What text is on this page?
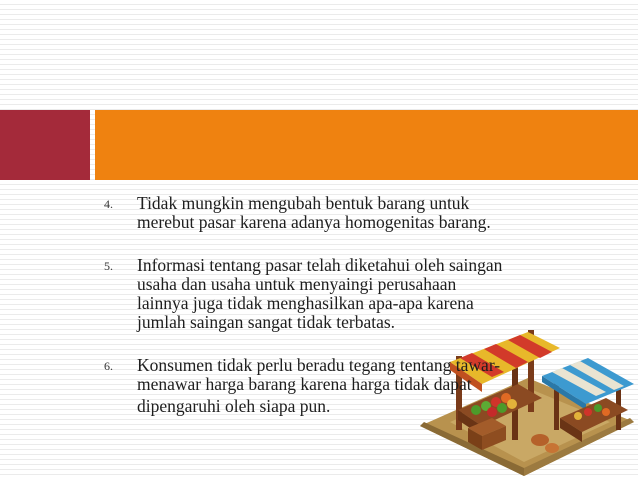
4. Tidak mungkin mengubah bentuk barang untuk
merebut pasar karena adanya homogenitas barang.
5. Informasi tentang pasar telah diketahui oleh saingan
usaha dan usaha untuk menyaingi perusahaan
lainnya juga tidak menghasilkan apa-apa karena
jumlah saingan sangat tidak terbatas.
6. Konsumen tidak perlu beradu tegang tentang tawar-
menawar harga barang karena harga tidak dapat
dipengaruhi oleh siapa pun.
